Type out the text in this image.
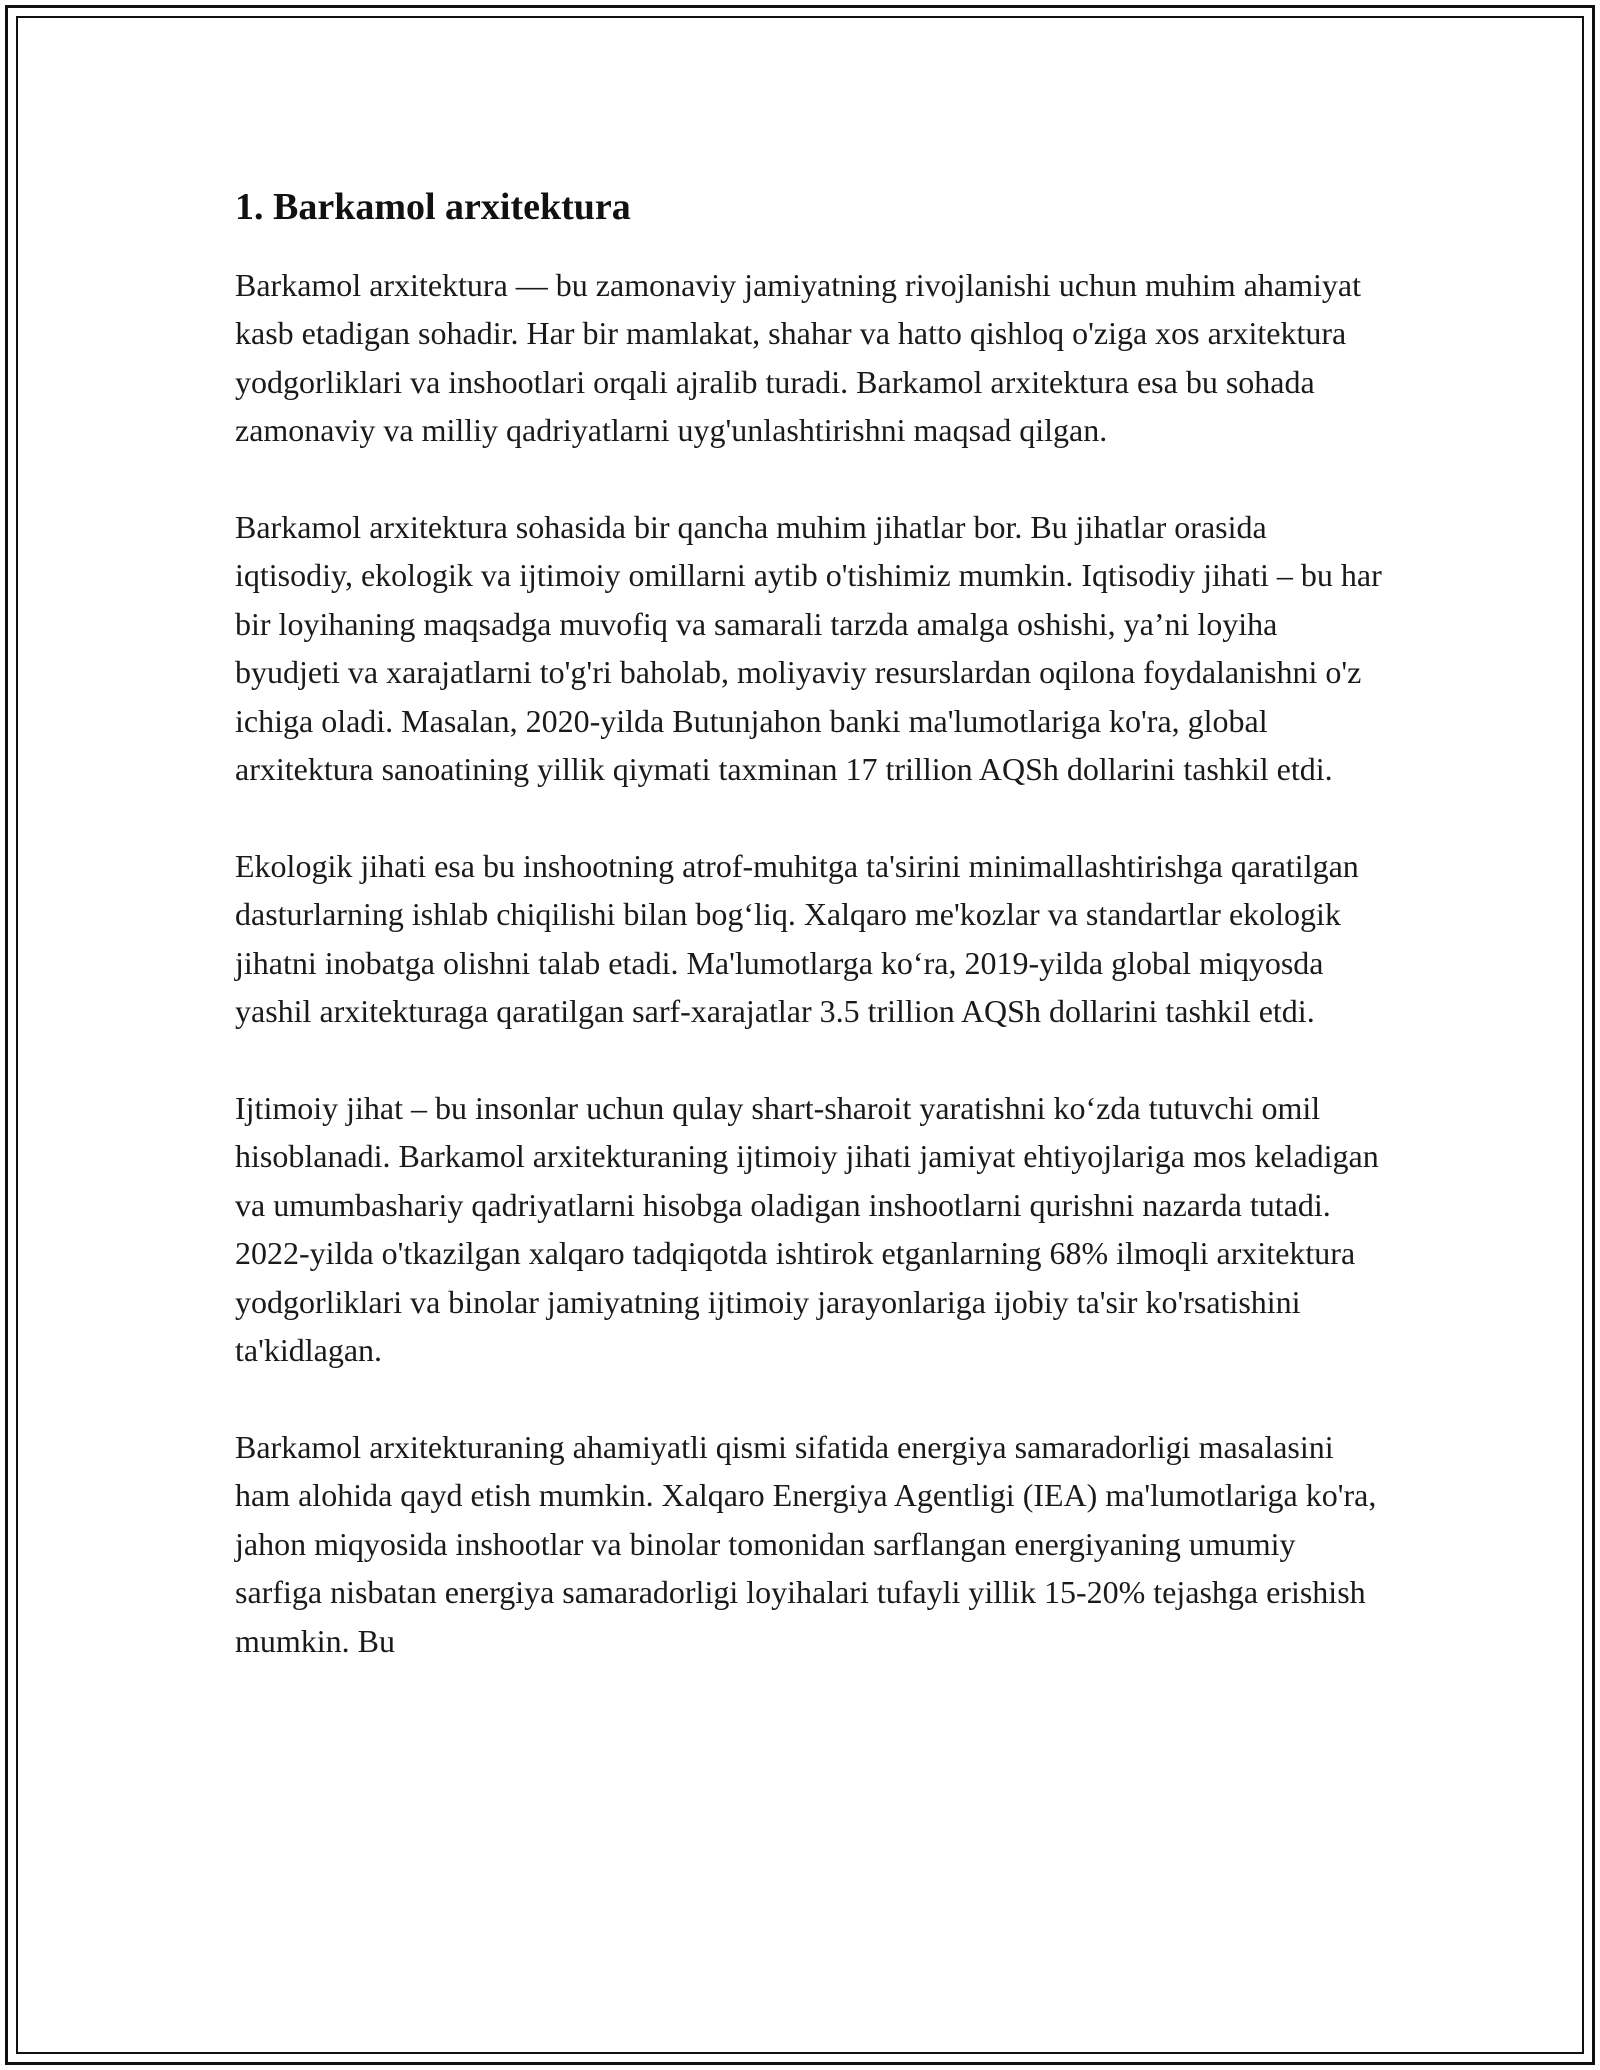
1. Barkamol arxitektura

Barkamol arxitektura — bu zamonaviy jamiyatning rivojlanishi uchun muhim ahamiyat kasb etadigan sohadir. Har bir mamlakat, shahar va hatto qishloq o'ziga xos arxitektura yodgorliklari va inshootlari orqali ajralib turadi. Barkamol arxitektura esa bu sohada zamonaviy va milliy qadriyatlarni uyg'unlashtirishni maqsad qilgan.

Barkamol arxitektura sohasida bir qancha muhim jihatlar bor. Bu jihatlar orasida iqtisodiy, ekologik va ijtimoiy omillarni aytib o'tishimiz mumkin. Iqtisodiy jihati – bu har bir loyihaning maqsadga muvofiq va samarali tarzda amalga oshishi, ya’ni loyiha byudjeti va xarajatlarni to'g'ri baholab, moliyaviy resurslardan oqilona foydalanishni o'z ichiga oladi. Masalan, 2020-yilda Butunjahon banki ma'lumotlariga ko'ra, global arxitektura sanoatining yillik qiymati taxminan 17 trillion AQSh dollarini tashkil etdi.

Ekologik jihati esa bu inshootning atrof-muhitga ta'sirini minimallashtirishga qaratilgan dasturlarning ishlab chiqilishi bilan bog‘liq. Xalqaro me'kozlar va standartlar ekologik jihatni inobatga olishni talab etadi. Ma'lumotlarga ko‘ra, 2019-yilda global miqyosda yashil arxitekturaga qaratilgan sarf-xarajatlar 3.5 trillion AQSh dollarini tashkil etdi.

Ijtimoiy jihat – bu insonlar uchun qulay shart-sharoit yaratishni ko‘zda tutuvchi omil hisoblanadi. Barkamol arxitekturaning ijtimoiy jihati jamiyat ehtiyojlariga mos keladigan va umumbashariy qadriyatlarni hisobga oladigan inshootlarni qurishni nazarda tutadi. 2022-yilda o'tkazilgan xalqaro tadqiqotda ishtirok etganlarning 68% ilmoqli arxitektura yodgorliklari va binolar jamiyatning ijtimoiy jarayonlariga ijobiy ta'sir ko'rsatishini ta'kidlagan.

Barkamol arxitekturaning ahamiyatli qismi sifatida energiya samaradorligi masalasini ham alohida qayd etish mumkin. Xalqaro Energiya Agentligi (IEA) ma'lumotlariga ko'ra, jahon miqyosida inshootlar va binolar tomonidan sarflangan energiyaning umumiy sarfiga nisbatan energiya samaradorligi loyihalari tufayli yillik 15-20% tejashga erishish mumkin. Bu
